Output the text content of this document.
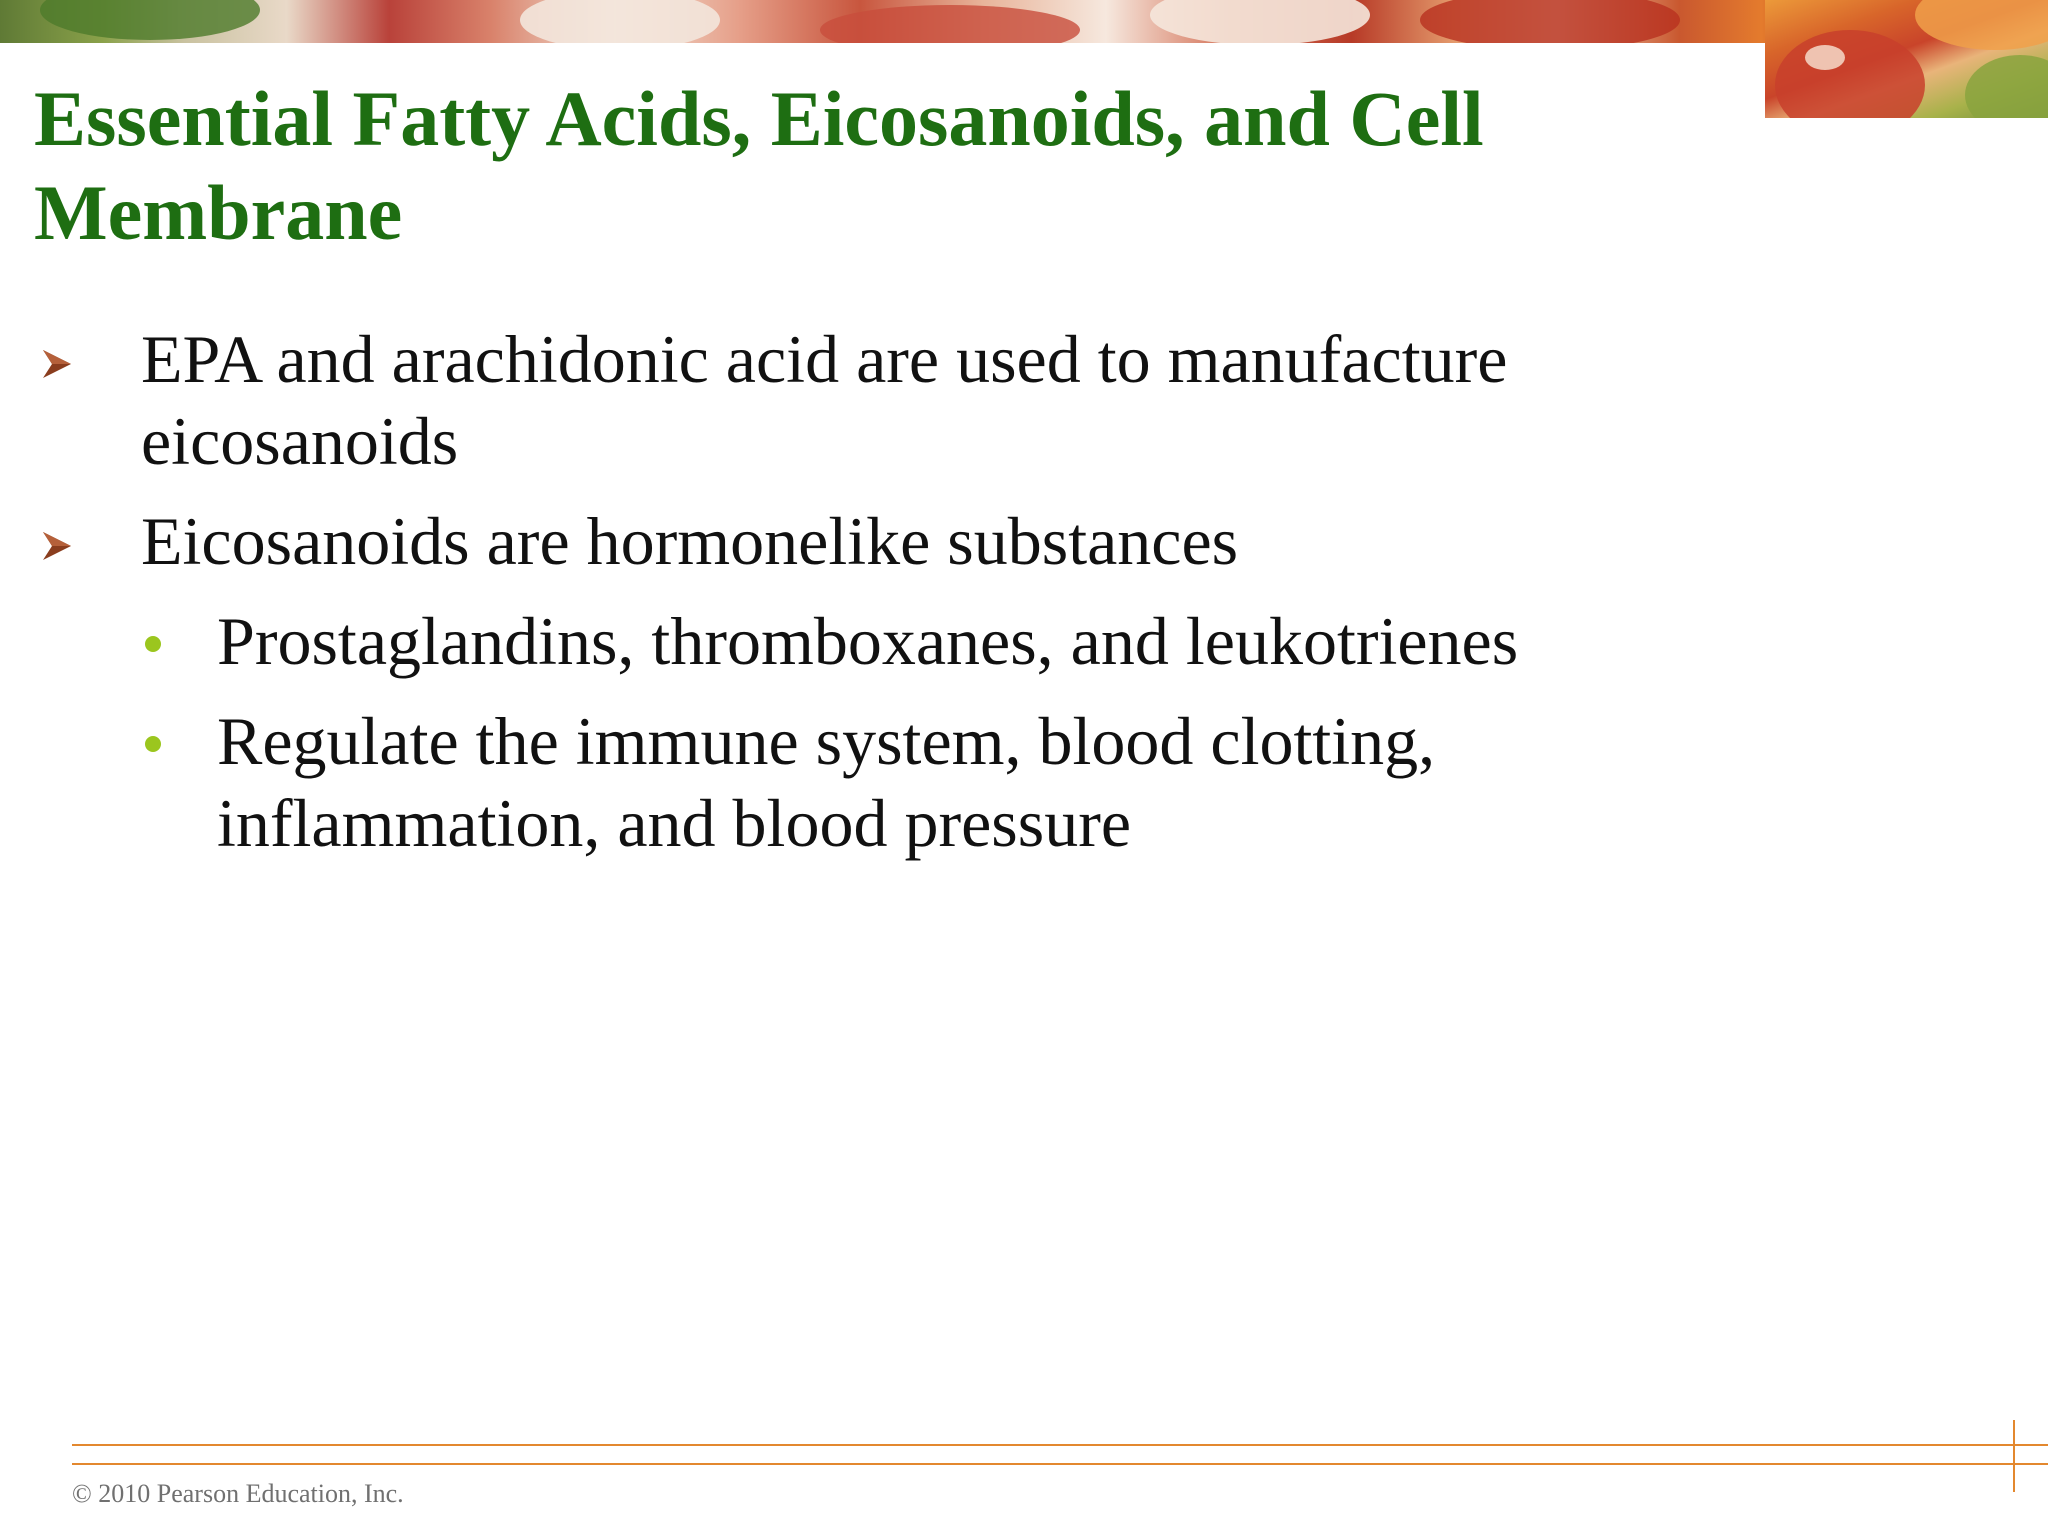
Essential Fatty Acids, Eicosanoids, and Cell Membrane
EPA and arachidonic acid are used to manufacture eicosanoids
Eicosanoids are hormonelike substances
Prostaglandins, thromboxanes, and leukotrienes
Regulate the immune system, blood clotting, inflammation, and blood pressure
© 2010 Pearson Education, Inc.
